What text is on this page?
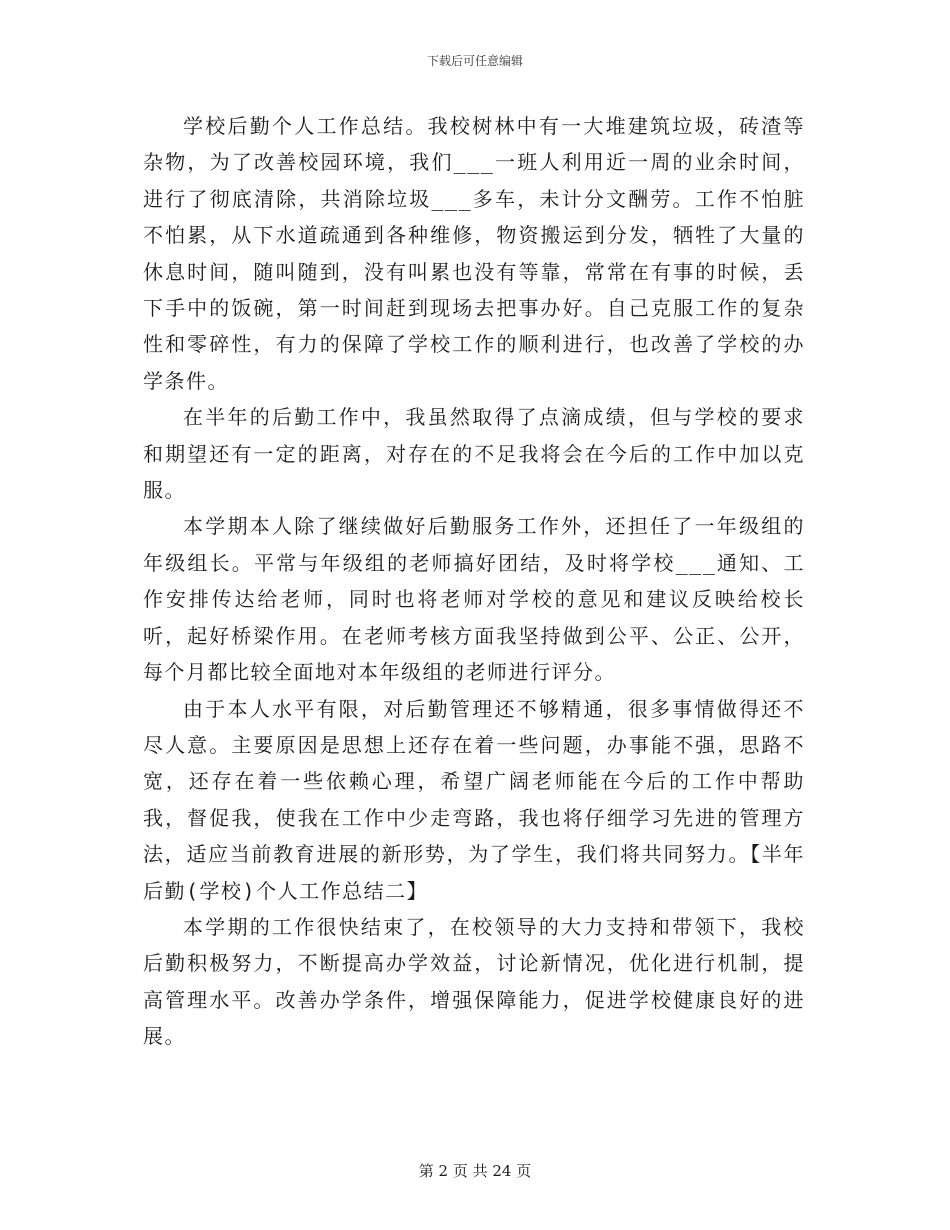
下载后可任意编辑

学校后勤个人工作总结。我校树林中有一大堆建筑垃圾，砖渣等杂物，为了改善校园环境，我们___一班人利用近一周的业余时间，进行了彻底清除，共消除垃圾___多车，未计分文酬劳。工作不怕脏不怕累，从下水道疏通到各种维修，物资搬运到分发，牺牲了大量的休息时间，随叫随到，没有叫累也没有等靠，常常在有事的时候，丢下手中的饭碗，第一时间赶到现场去把事办好。自己克服工作的复杂性和零碎性，有力的保障了学校工作的顺利进行，也改善了学校的办学条件。

在半年的后勤工作中，我虽然取得了点滴成绩，但与学校的要求和期望还有一定的距离，对存在的不足我将会在今后的工作中加以克服。

本学期本人除了继续做好后勤服务工作外，还担任了一年级组的年级组长。平常与年级组的老师搞好团结，及时将学校___通知、工作安排传达给老师，同时也将老师对学校的意见和建议反映给校长听，起好桥梁作用。在老师考核方面我坚持做到公平、公正、公开，每个月都比较全面地对本年级组的老师进行评分。

由于本人水平有限，对后勤管理还不够精通，很多事情做得还不尽人意。主要原因是思想上还存在着一些问题，办事能不强，思路不宽，还存在着一些依赖心理，希望广阔老师能在今后的工作中帮助我，督促我，使我在工作中少走弯路，我也将仔细学习先进的管理方法，适应当前教育进展的新形势，为了学生，我们将共同努力。【半年后勤(学校)个人工作总结二】

本学期的工作很快结束了，在校领导的大力支持和带领下，我校后勤积极努力，不断提高办学效益，讨论新情况，优化进行机制，提高管理水平。改善办学条件，增强保障能力，促进学校健康良好的进展。

第 2 页 共 24 页
